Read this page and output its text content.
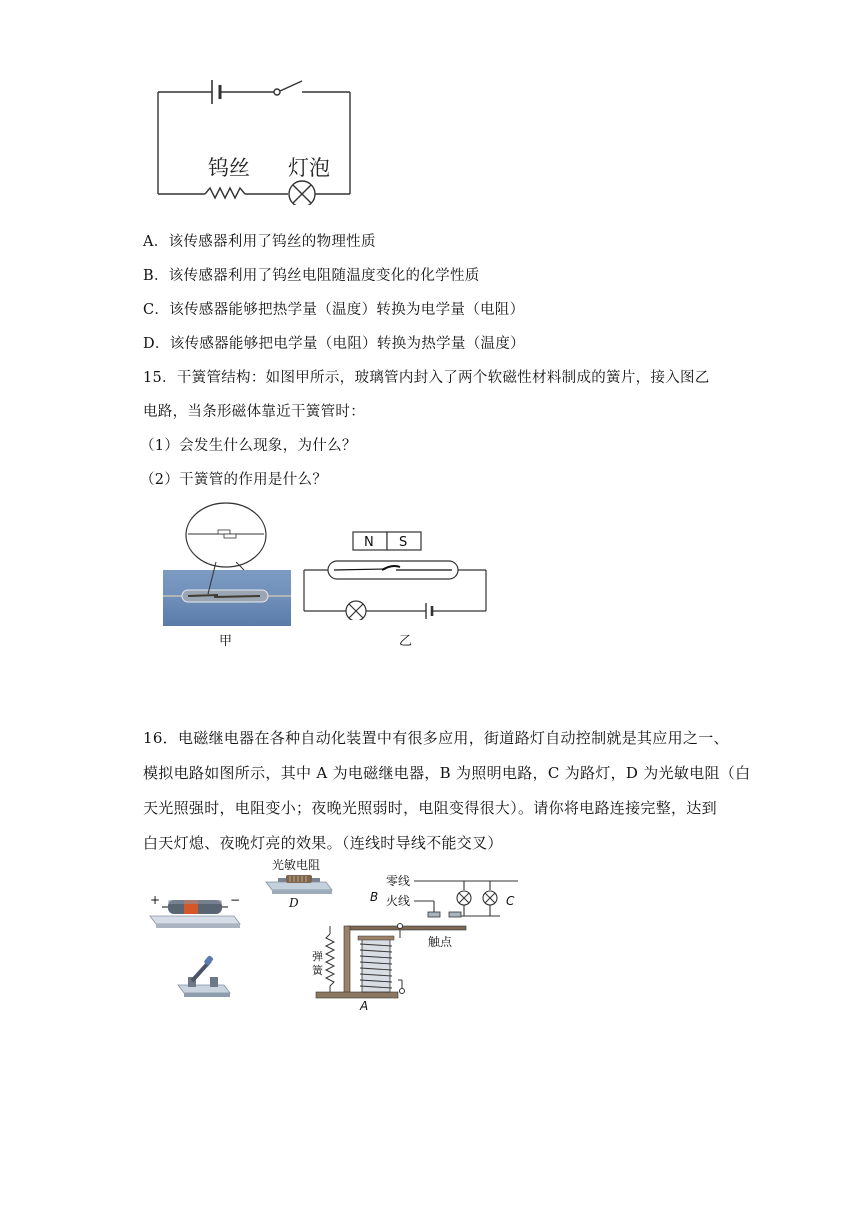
钨丝 灯泡
A．该传感器利用了钨丝的物理性质
B．该传感器利用了钨丝电阻随温度变化的化学性质
C．该传感器能够把热学量（温度）转换为电学量（电阻）
D．该传感器能够把电学量（电阻）转换为热学量（温度）
15．干簧管结构：如图甲所示，玻璃管内封入了两个软磁性材料制成的簧片，接入图乙
电路，当条形磁体靠近干簧管时：
（1）会发生什么现象，为什么？
（2）干簧管的作用是什么？
甲
N S
乙
16．电磁继电器在各种自动化装置中有很多应用，街道路灯自动控制就是其应用之一、
模拟电路如图所示，其中 A 为电磁继电器，B 为照明电路，C 为路灯，D 为光敏电阻（白
天光照强时，电阻变小；夜晚光照弱时，电阻变得很大）。请你将电路连接完整，达到
白天灯熄、夜晚灯亮的效果。（连线时导线不能交叉）
+	−
光敏电阻
D
零线
火线
B	C
触点
弹
簧
A
